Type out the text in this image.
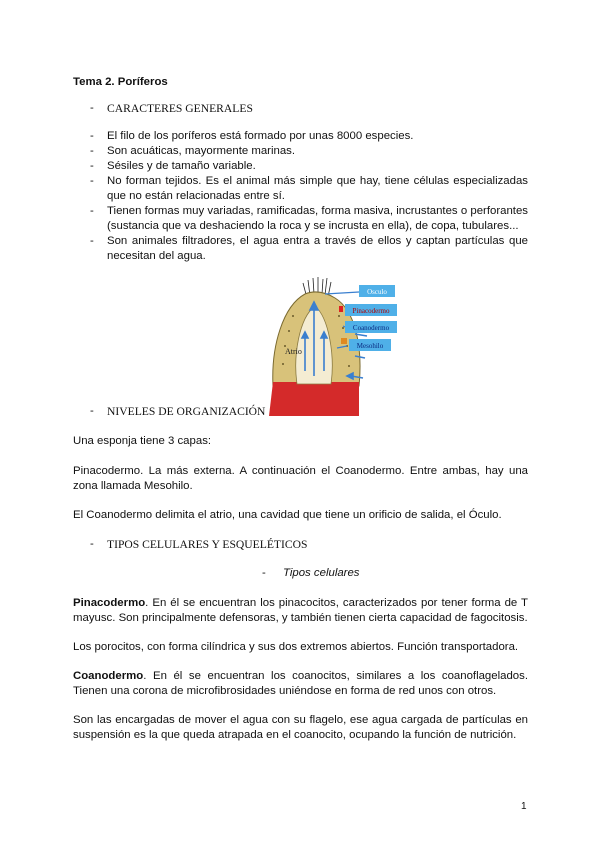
Tema 2. Poríferos
- CARACTERES GENERALES
- El filo de los poríferos está formado por unas 8000 especies.
- Son acuáticas, mayormente marinas.
- Sésiles y de tamaño variable.
- No forman tejidos. Es el animal más simple que hay, tiene células especializadas que no están relacionadas entre sí.
- Tienen formas muy variadas, ramificadas, forma masiva, incrustantes o perforantes (sustancia que va deshaciendo la roca y se incrusta en ella), de copa, tubulares...
- Son animales filtradores, el agua entra a través de ellos y captan partículas que necesitan del agua.
Osculo
Pinacodermo
Coanodermo
Mesohilo
Atrio
- NIVELES DE ORGANIZACIÓN
Una esponja tiene 3 capas:
Pinacodermo. La más externa. A continuación el Coanodermo. Entre ambas, hay una zona llamada Mesohilo.
El Coanodermo delimita el atrio, una cavidad que tiene un orificio de salida, el Óculo.
- TIPOS CELULARES Y ESQUELÉTICOS
- Tipos celulares
Pinacodermo. En él se encuentran los pinacocitos, caracterizados por tener forma de T mayusc. Son principalmente defensoras, y también tienen cierta capacidad de fagocitosis.
Los porocitos, con forma cilíndrica y sus dos extremos abiertos. Función transportadora.
Coanodermo. En él se encuentran los coanocitos, similares a los coanoflagelados. Tienen una corona de microfibrosidades uniéndose en forma de red unos con otros.
Son las encargadas de mover el agua con su flagelo, ese agua cargada de partículas en suspensión es la que queda atrapada en el coanocito, ocupando la función de nutrición.
1
